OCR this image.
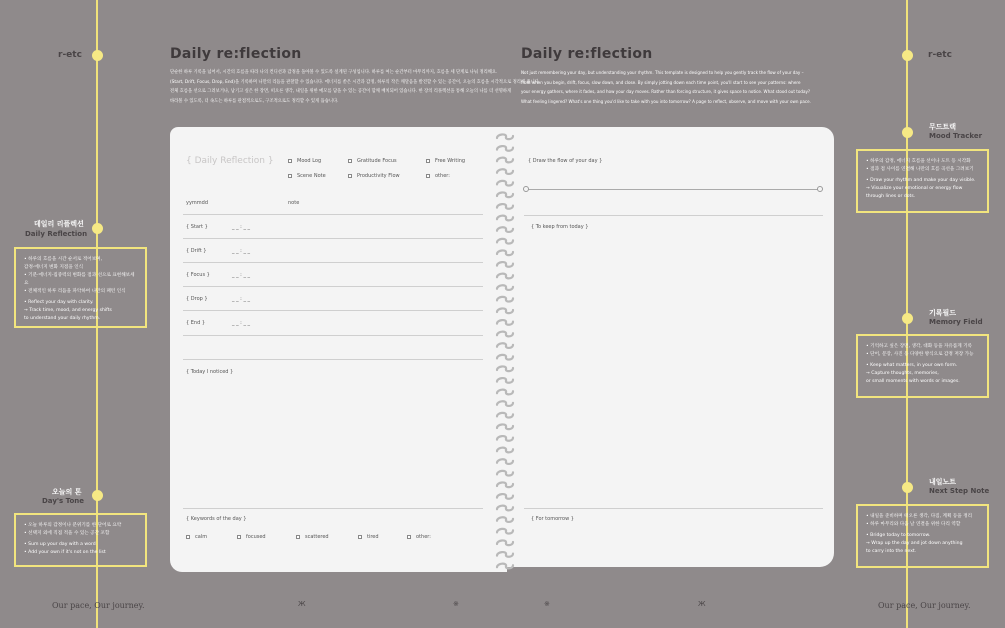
r-etc
데일리 리플렉션
Daily Reflection
• 하루의 흐름을 시간 순서로 적어보며,
감정·에너지 변화 지점을 인식
• 기분·에너지·집중력의 변화를 점과 선으로 표현해보세요
• 전체적인 하루 리듬을 파악하여 나만의 패턴 인식
• Reflect your day with clarity.
→ Track time, mood, and energy shifts
to understand your daily rhythm.
오늘의 톤
Day's Tone
• 오늘 하루의 감정이나 분위기를 한 단어로 요약
• 선택지 외에 직접 적을 수 있는 공간 포함
• Sum up your day with a word
• Add your own if it's not on the list
Our pace, Our journey.
r-etc
무드트랙
Mood Tracker
• 하루의 감정, 에너지 흐름을 선이나 도트 등 시각화
• 점과 점 사이를 연결해 나만의 흐름 곡선을 그려보기
• Draw your rhythm and make your day visible.
→ Visualize your emotional or energy flow
through lines or dots.
기록필드
Memory Field
• 기억하고 싶은 장면, 생각, 대화 등을 자유롭게 기록
• 단어, 문장, 사진 등 다양한 방식으로 감정 저장 가능
• Keep what matters, in your own form.
→ Capture thoughts, memories,
or small moments with words or images.
내일노트
Next Step Note
• 내일을 준비하며 떠오른 생각, 다짐, 계획 등을 정리
• 하루 마무리와 다음 날 연결을 위한 다리 역할
• Bridge today to tomorrow.
→ Wrap up the day and jot down anything
to carry into the next.
Our pace, Our journey.
Daily re:flection
단순한 하루 기록을 넘어서, 시간의 흐름을 따라 나의 컨디션과 감정을 돌아볼 수 있도록 설계된 구성입니다. 하루를 여는 순간부터 마무리까지, 흐름을 세 단계로 나눠 정리해요.
(Start, Drift, Focus, Drop, End)을 기록하며 나만의 리듬을 관찰할 수 있습니다. 에너지를 쏟은 시간과 감정, 하루의 작은 깨달음을 발견할 수 있는 공간이, 오늘의 흐름을 시각적으로 정리해 줍니다.
전체 흐름을 선으로 그려보거나, 남기고 싶은 한 장면, 떠오른 생각, 내일을 위한 메모를 담을 수 있는 공간이 함께 배치되어 있습니다. 한 장의 리플렉션을 통해 오늘의 나를 더 선명하게
바라볼 수 있도록, 더 속도는 하루를 관점적으로도, 구조적으로도 정리할 수 있게 돕습니다.
Daily re:flection
Not just remembering your day, but understanding your rhythm. This template is designed to help you gently track the flow of your day –
from when you begin, drift, focus, slow down, and close. By simply jotting down each time point, you'll start to see your patterns: where
your energy gathers, where it fades, and how your day moves. Rather than forcing structure, it gives space to notice. What stood out today?
What feeling lingered? What's one thing you'd like to take with you into tomorrow? A page to reflect, observe, and move with your own pace.
{ Daily Reflection }	Mood Log	Gratitude Focus	Free Writing
Scene Note	Productivity Flow	other:
yymmdd	note
{ Start }	_ _ : _ _
{ Drift }	_ _ : _ _
{ Focus }	_ _ : _ _
{ Drop }	_ _ : _ _
{ End }	_ _ : _ _
{ Today I noticed }
{ Keywords of the day }
calm	focused	scattered	tired	other:
{ Draw the flow of your day }
{ To keep from today }
{ For tomorrow }
Ж	※	※	Ж
